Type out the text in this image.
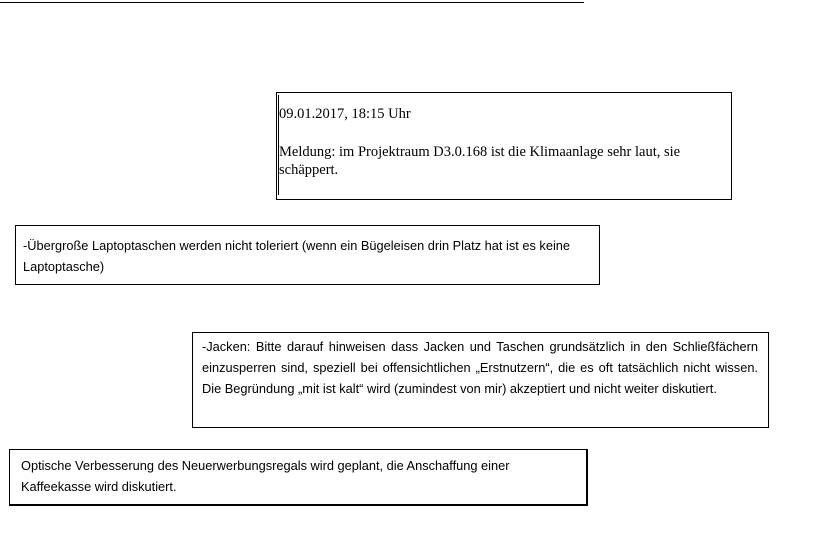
09.01.2017, 18:15 Uhr

Meldung: im Projektraum D3.0.168 ist die Klimaanlage sehr laut, sie schäppert.

-Übergroße Laptoptaschen werden nicht toleriert (wenn ein Bügeleisen drin Platz hat ist es keine Laptoptasche)

-Jacken: Bitte darauf hinweisen dass Jacken und Taschen grundsätzlich in den Schließfächern einzusperren sind, speziell bei offensichtlichen „Erstnutzern“, die es oft tatsächlich nicht wissen. Die Begründung „mit ist kalt“ wird (zumindest von mir) akzeptiert und nicht weiter diskutiert.

Optische Verbesserung des Neuerwerbungsregals wird geplant, die Anschaffung einer Kaffeekasse wird diskutiert.
